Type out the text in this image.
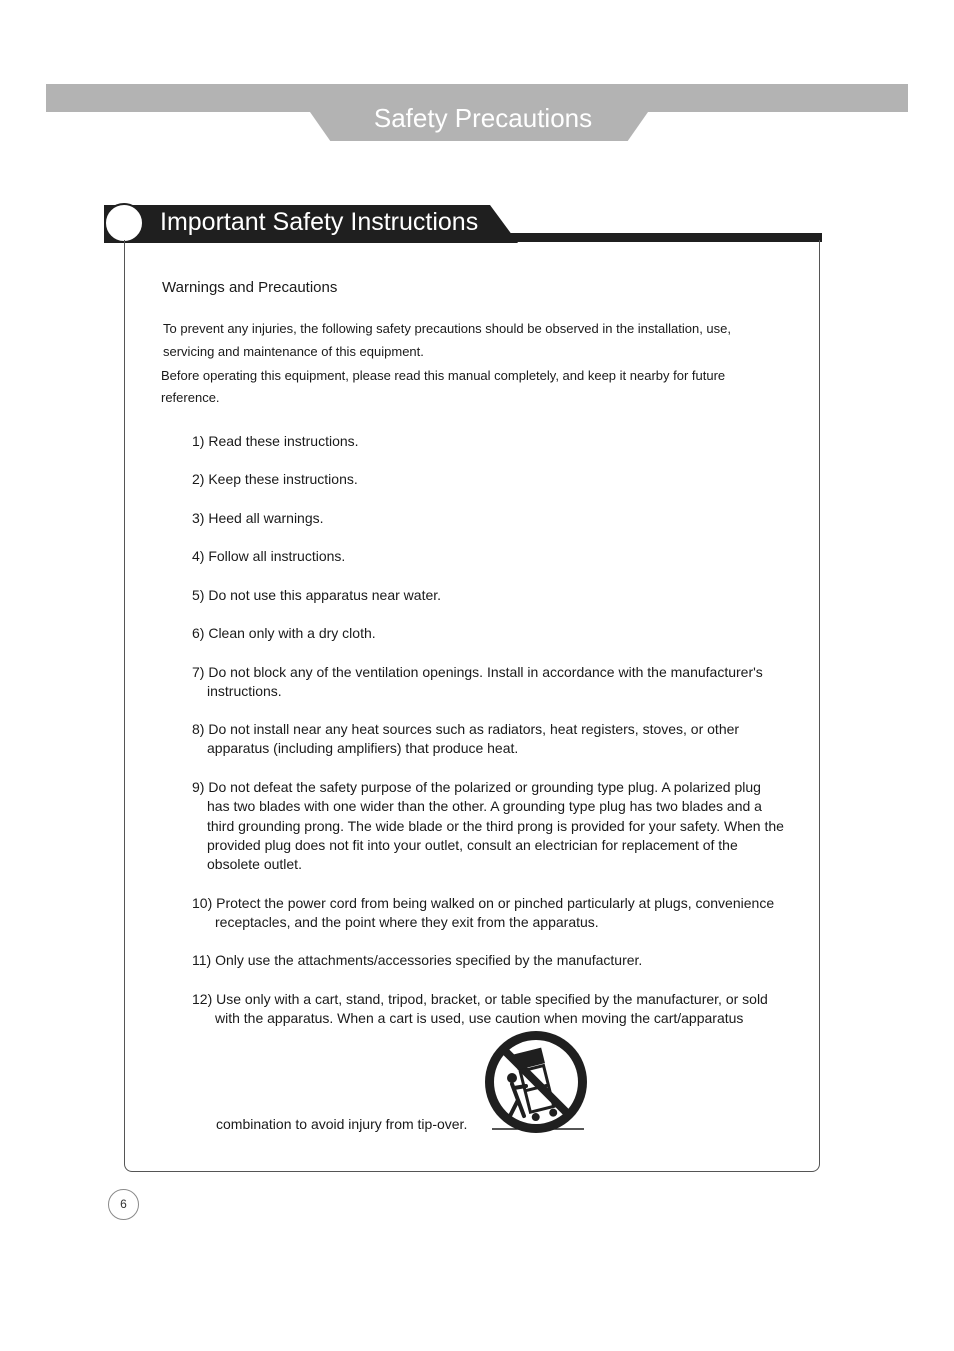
Safety Precautions
Important Safety Instructions

Warnings and Precautions

To prevent any injuries, the following safety precautions should be observed in the installation, use, servicing and maintenance of this equipment.

Before operating this equipment, please read this manual completely, and keep it nearby for future reference.

1) Read these instructions.
2) Keep these instructions.
3) Heed all warnings.
4) Follow all instructions.
5) Do not use this apparatus near water.
6) Clean only with a dry cloth.
7) Do not block any of the ventilation openings. Install in accordance with the manufacturer's instructions.
8) Do not install near any heat sources such as radiators, heat registers, stoves, or other apparatus (including amplifiers) that produce heat.
9) Do not defeat the safety purpose of the polarized or grounding type plug. A polarized plug has two blades with one wider than the other. A grounding type plug has two blades and a third grounding prong. The wide blade or the third prong is provided for your safety. When the provided plug does not fit into your outlet, consult an electrician for replacement of the obsolete outlet.
10) Protect the power cord from being walked on or pinched particularly at plugs, convenience receptacles, and the point where they exit from the apparatus.
11) Only use the attachments/accessories specified by the manufacturer.
12) Use only with a cart, stand, tripod, bracket, or table specified by the manufacturer, or sold with the apparatus. When a cart is used, use caution when moving the cart/apparatus

combination to avoid injury from tip-over.

6
